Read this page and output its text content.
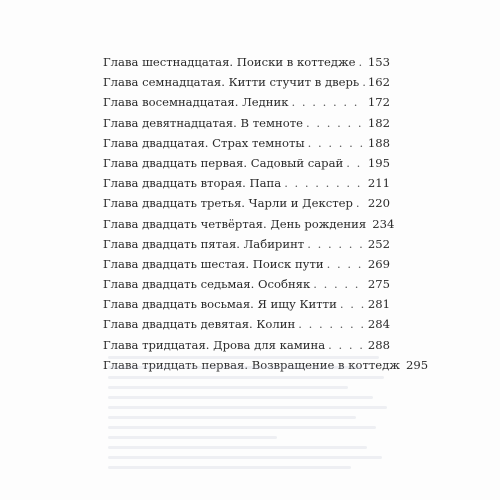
Глава шестнадцатая. Поиски в коттедже . . . 153
Глава семнадцатая. Китти стучит в дверь . . . 162
Глава восемнадцатая. Ледник . . .	172
Глава девятнадцатая. В темноте . . .	182
Глава двадцатая. Страх темноты . . .	188
Глава двадцать первая. Садовый сарай . . . 195
Глава двадцать вторая. Папа . . .	211
Глава двадцать третья. Чарли и Декстер . . . 220
Глава двадцать четвёртая. День рождения 234
Глава двадцать пятая. Лабиринт . . .	252
Глава двадцать шестая. Поиск пути . . .	269
Глава двадцать седьмая. Особняк . . .	275
Глава двадцать восьмая. Я ищу Китти . . .	281
Глава двадцать девятая. Колин . . .	284
Глава тридцатая. Дрова для камина . . .	288
Глава тридцать первая. Возвращение в коттедж 295
